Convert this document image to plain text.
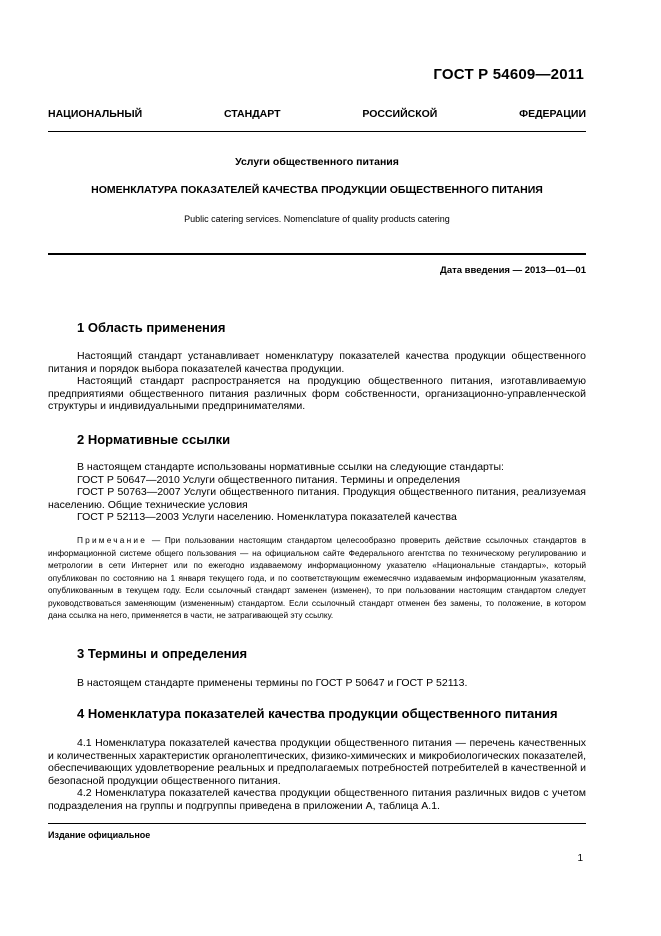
ГОСТ Р 54609—2011
НАЦИОНАЛЬНЫЙ	СТАНДАРТ	РОССИЙСКОЙ	ФЕДЕРАЦИИ
Услуги общественного питания
НОМЕНКЛАТУРА ПОКАЗАТЕЛЕЙ КАЧЕСТВА ПРОДУКЦИИ ОБЩЕСТВЕННОГО ПИТАНИЯ
Public catering services. Nomenclature of quality products catering
Дата введения — 2013—01—01
1 Область применения

Настоящий стандарт устанавливает номенклатуру показателей качества продукции общественного питания и порядок выбора показателей качества продукции.

Настоящий стандарт распространяется на продукцию общественного питания, изготавливаемую предприятиями общественного питания различных форм собственности, организационно-управленческой структуры и индивидуальными предпринимателями.

2 Нормативные ссылки

В настоящем стандарте использованы нормативные ссылки на следующие стандарты:

ГОСТ Р 50647—2010 Услуги общественного питания. Термины и определения

ГОСТ Р 50763—2007 Услуги общественного питания. Продукция общественного питания, реализуемая населению. Общие технические условия

ГОСТ Р 52113—2003 Услуги населению. Номенклатура показателей качества

Примечание — При пользовании настоящим стандартом целесообразно проверить действие ссылочных стандартов в информационной системе общего пользования — на официальном сайте Федерального агентства по техническому регулированию и метрологии в сети Интернет или по ежегодно издаваемому информационному указателю «Национальные стандарты», который опубликован по состоянию на 1 января текущего года, и по соответствующим ежемесячно издаваемым информационным указателям, опубликованным в текущем году. Если ссылочный стандарт заменен (изменен), то при пользовании настоящим стандартом следует руководствоваться заменяющим (измененным) стандартом. Если ссылочный стандарт отменен без замены, то положение, в котором дана ссылка на него, применяется в части, не затрагивающей эту ссылку.

3 Термины и определения

В настоящем стандарте применены термины по ГОСТ Р 50647 и ГОСТ Р 52113.

4 Номенклатура показателей качества продукции общественного питания

4.1 Номенклатура показателей качества продукции общественного питания — перечень качественных и количественных характеристик органолептических, физико-химических и микробиологических показателей, обеспечивающих удовлетворение реальных и предполагаемых потребностей потребителей в качественной и безопасной продукции общественного питания.

4.2 Номенклатура показателей качества продукции общественного питания различных видов с учетом подразделения на группы и подгруппы приведена в приложении А, таблица А.1.

Издание официальное
1
